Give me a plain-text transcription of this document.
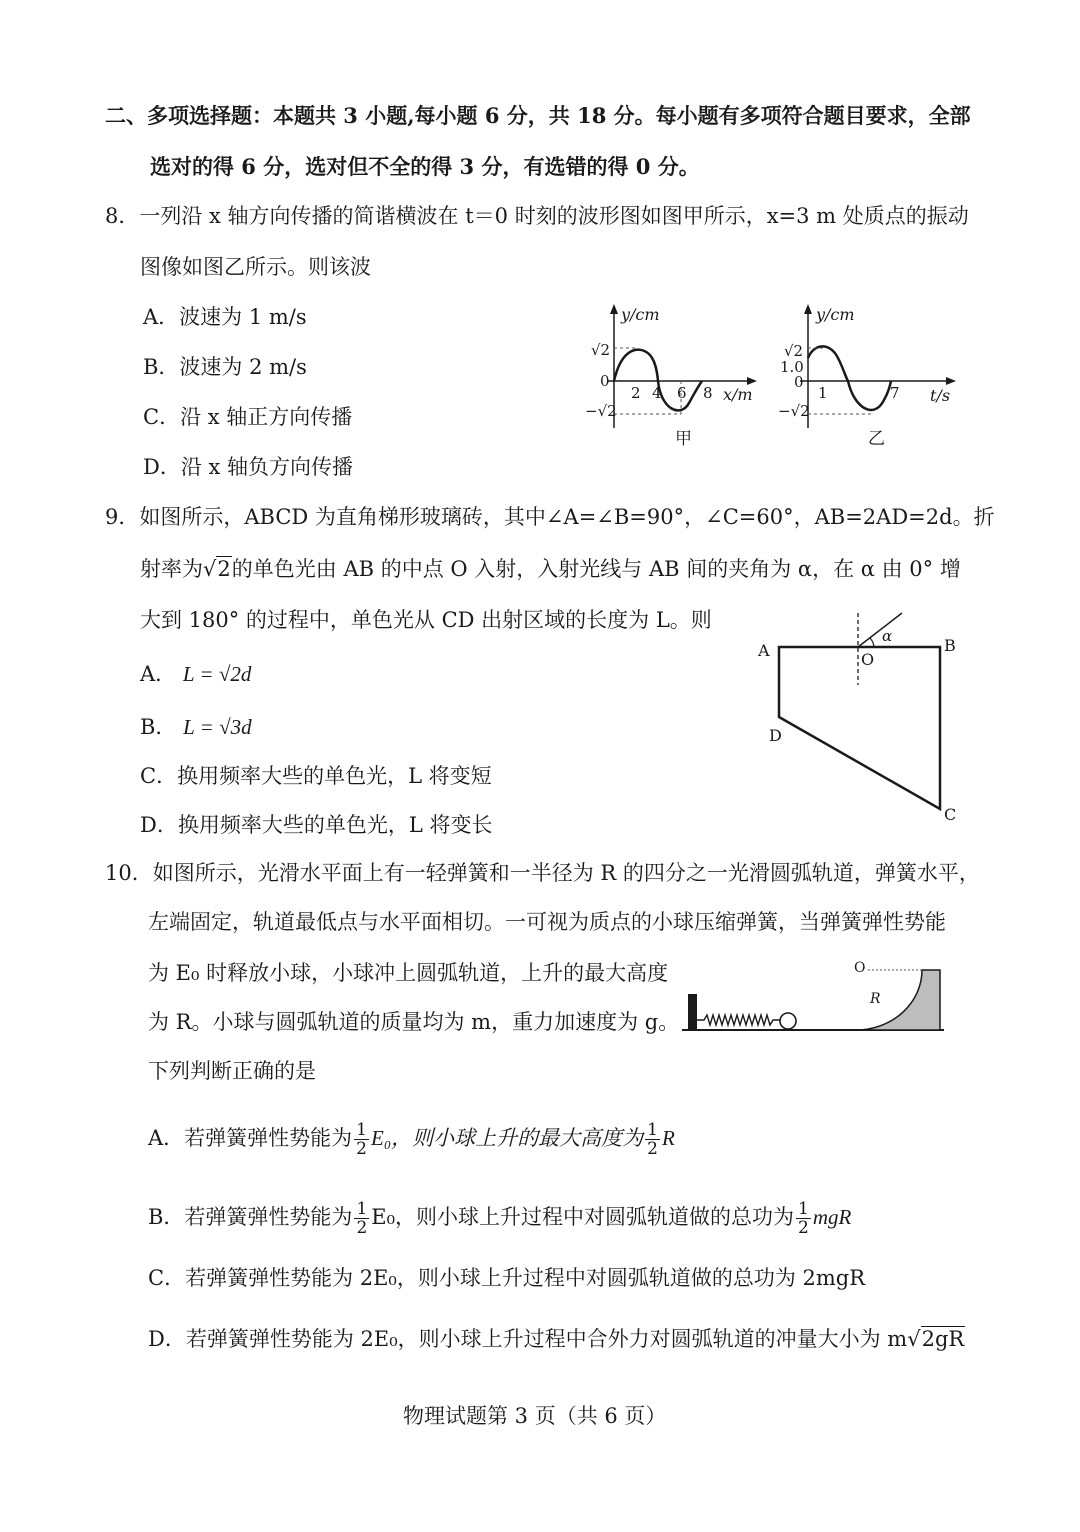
二、多项选择题：本题共 3 小题,每小题 6 分，共 18 分。每小题有多项符合题目要求，全部
选对的得 6 分，选对但不全的得 3 分，有选错的得 0 分。
8．一列沿 x 轴方向传播的简谐横波在 t＝0 时刻的波形图如图甲所示，x=3 m 处质点的振动
图像如图乙所示。则该波
A．波速为 1 m/s
B．波速为 2 m/s
C．沿 x 轴正方向传播
D．沿 x 轴负方向传播
y/cm
√2
0
−√2
2 4 6 8 x/m
甲
y/cm
√2
1.0
0
−√2
1	7 t/s
乙
9．如图所示，ABCD 为直角梯形玻璃砖，其中∠A=∠B=90°，∠C=60°，AB=2AD=2d。折
射率为√2的单色光由 AB 的中点 O 入射，入射光线与 AB 间的夹角为 α，在 α 由 0° 增
大到 180° 的过程中，单色光从 CD 出射区域的长度为 L。则
A． L = √2d
B． L = √3d
C．换用频率大些的单色光，L 将变短
D．换用频率大些的单色光，L 将变长
A	B
C
D
O
α
10．如图所示，光滑水平面上有一轻弹簧和一半径为 R 的四分之一光滑圆弧轨道，弹簧水平，
左端固定，轨道最低点与水平面相切。一可视为质点的小球压缩弹簧，当弹簧弹性势能
为 E₀ 时释放小球，小球冲上圆弧轨道，上升的最大高度
为 R。小球与圆弧轨道的质量均为 m，重力加速度为 g。
下列判断正确的是
O
R
A．若弹簧弹性势能为 $\frac{1}{2} E_0$，则小球上升的最大高度为 $\frac{1}{2}$ R
B．若弹簧弹性势能为 $\frac{1}{2} E_0$，则小球上升过程中对圆弧轨道做的总功为 $\frac{1}{2}$ mgR
C．若弹簧弹性势能为 2E₀，则小球上升过程中对圆弧轨道做的总功为 2mgR
D．若弹簧弹性势能为 2E₀，则小球上升过程中合外力对圆弧轨道的冲量大小为 m√2gR
物理试题第 3 页（共 6 页）
